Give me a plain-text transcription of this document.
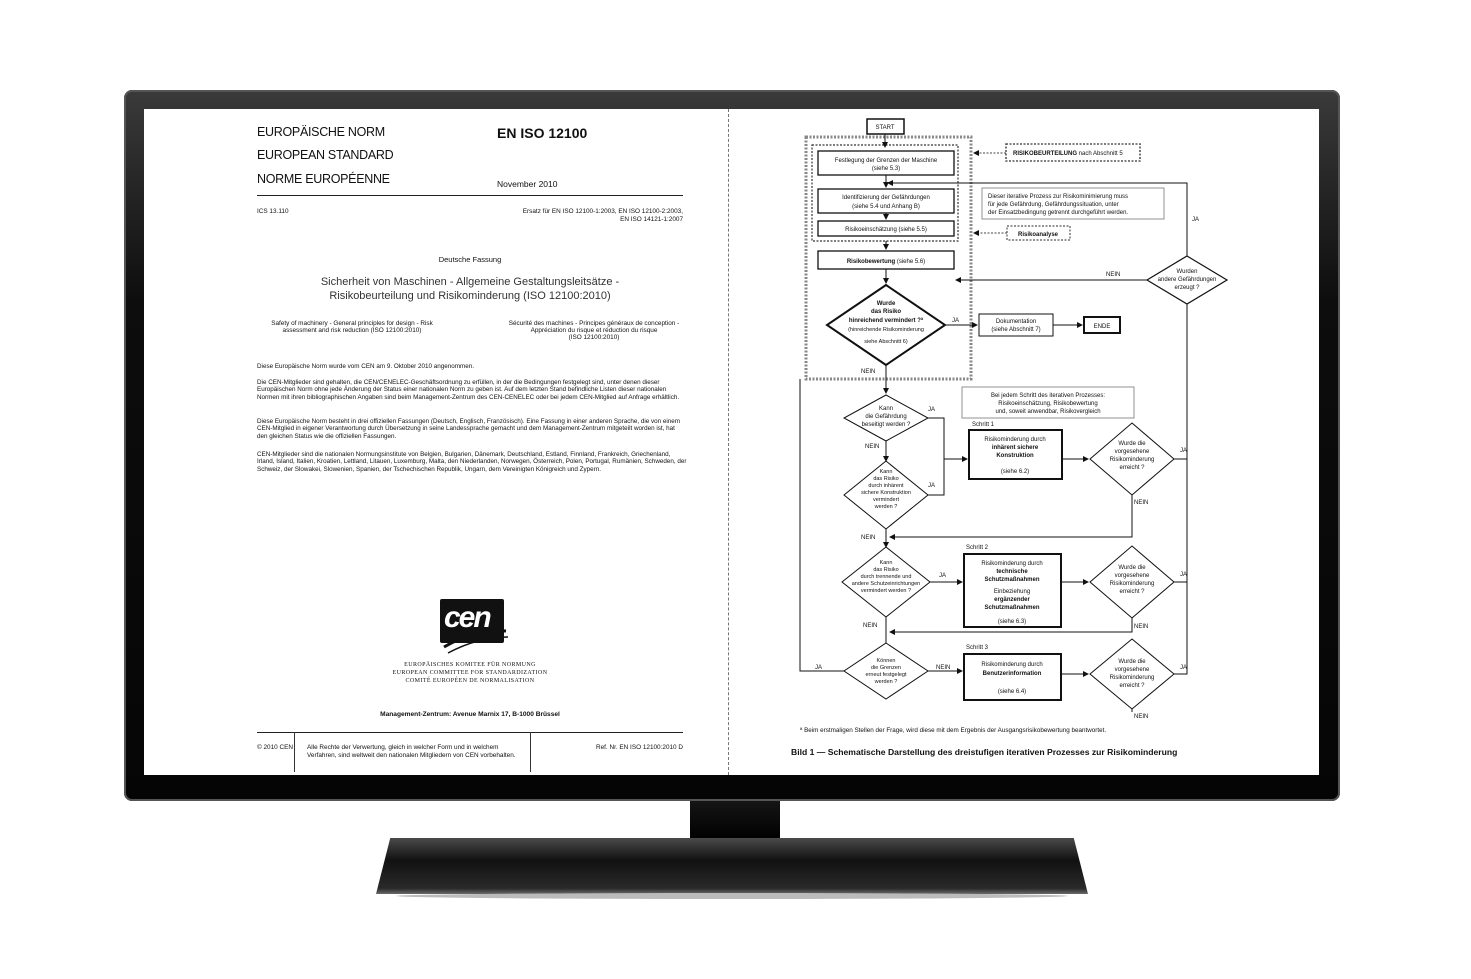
EUROPÄISCHE NORM
EUROPEAN STANDARD
NORME EUROPÉENNE
EN ISO 12100
November 2010
ICS 13.110	Ersatz für EN ISO 12100-1:2003, EN ISO 12100-2:2003,
EN ISO 14121-1:2007
Deutsche Fassung
Sicherheit von Maschinen - Allgemeine Gestaltungsleitsätze -
Risikobeurteilung und Risikominderung (ISO 12100:2010)
Safety of machinery - General principles for design - Risk
assessment and risk reduction (ISO 12100:2010)
Sécurité des machines - Principes généraux de conception -
Appréciation du risque et réduction du risque
(ISO 12100:2010)
Diese Europäische Norm wurde vom CEN am 9. Oktober 2010 angenommen.
Die CEN-Mitglieder sind gehalten, die CEN/CENELEC-Geschäftsordnung zu erfüllen, in der die Bedingungen festgelegt sind, unter denen dieser Europäischen Norm ohne jede Änderung der Status einer nationalen Norm zu geben ist. Auf dem letzten Stand befindliche Listen dieser nationalen Normen mit ihren bibliographischen Angaben sind beim Management-Zentrum des CEN-CENELEC oder bei jedem CEN-Mitglied auf Anfrage erhältlich.
Diese Europäische Norm besteht in drei offiziellen Fassungen (Deutsch, Englisch, Französisch). Eine Fassung in einer anderen Sprache, die von einem CEN-Mitglied in eigener Verantwortung durch Übersetzung in seine Landessprache gemacht und dem Management-Zentrum mitgeteilt worden ist, hat den gleichen Status wie die offiziellen Fassungen.
CEN-Mitglieder sind die nationalen Normungsinstitute von Belgien, Bulgarien, Dänemark, Deutschland, Estland, Finnland, Frankreich, Griechenland, Irland, Island, Italien, Kroatien, Lettland, Litauen, Luxemburg, Malta, den Niederlanden, Norwegen, Österreich, Polen, Portugal, Rumänien, Schweden, der Schweiz, der Slowakei, Slowenien, Spanien, der Tschechischen Republik, Ungarn, dem Vereinigten Königreich und Zypern.
cen
EUROPÄISCHES KOMITEE FÜR NORMUNG
EUROPEAN COMMITTEE FOR STANDARDIZATION
COMITÉ EUROPÉEN DE NORMALISATION
Management-Zentrum: Avenue Marnix 17, B-1000 Brüssel
© 2010 CEN Alle Rechte der Verwertung, gleich in welcher Form und in welchem
Verfahren, sind weltweit den nationalen Mitgliedern von CEN vorbehalten.
Ref. Nr. EN ISO 12100:2010 D
START
Festlegung der Grenzen der Maschine
(siehe 5.3)
RISIKOBEURTEILUNG nach Abschnitt 5
Identifizierung der Gefährdungen
(siehe 5.4 und Anhang B)
Dieser iterative Prozess zur Risikominimierung muss
für jede Gefährdung, Gefährdungssituation, unter
der Einsatzbedingung getrennt durchgeführt werden.
Risikoeinschätzung (siehe 5.5)
Risikoanalyse
Risikobewertung (siehe 5.6)
Wurde
das Risiko
hinreichend vermindert ?ª
(hinreichende Risikominderung
siehe Abschnitt 6)
JA	Dokumentation
(siehe Abschnitt 7)	ENDE
Wurden
andere Gefährdungen
erzeugt ?
JA
NEIN
NEIN
Bei jedem Schritt des iterativen Prozesses:
Risikoeinschätzung, Risikobewertung
und, soweit anwendbar, Risikovergleich
Kann
die Gefährdung
beseitigt werden ?
JA
NEIN
Schritt 1
Risikominderung durch
inhärent sichere
Konstruktion
(siehe 6.2)
Kann
das Risiko
durch inhärent
sichere Konstruktion
vermindert
werden ?
JA
NEIN
Wurde die
vorgesehene
Risikominderung
erreicht ?
JA
NEIN
Kann
das Risiko
durch trennende und
andere Schutzeinrichtungen
vermindert werden ?
JA
NEIN
Schritt 2
Risikominderung durch
technische
Schutzmaßnahmen
Einbeziehung
ergänzender
Schutzmaßnahmen
(siehe 6.3)
Wurde die
vorgesehene
Risikominderung
erreicht ?
JA
NEIN
Können
die Grenzen
erneut festgelegt
werden ?
JA	NEIN
Schritt 3
Risikominderung durch
Benutzerinformation
(siehe 6.4)
Wurde die
vorgesehene
Risikominderung
erreicht ?
JA
NEIN
ª Beim erstmaligen Stellen der Frage, wird diese mit dem Ergebnis der Ausgangsrisikobewertung beantwortet.
Bild 1 — Schematische Darstellung des dreistufigen iterativen Prozesses zur Risikominderung
